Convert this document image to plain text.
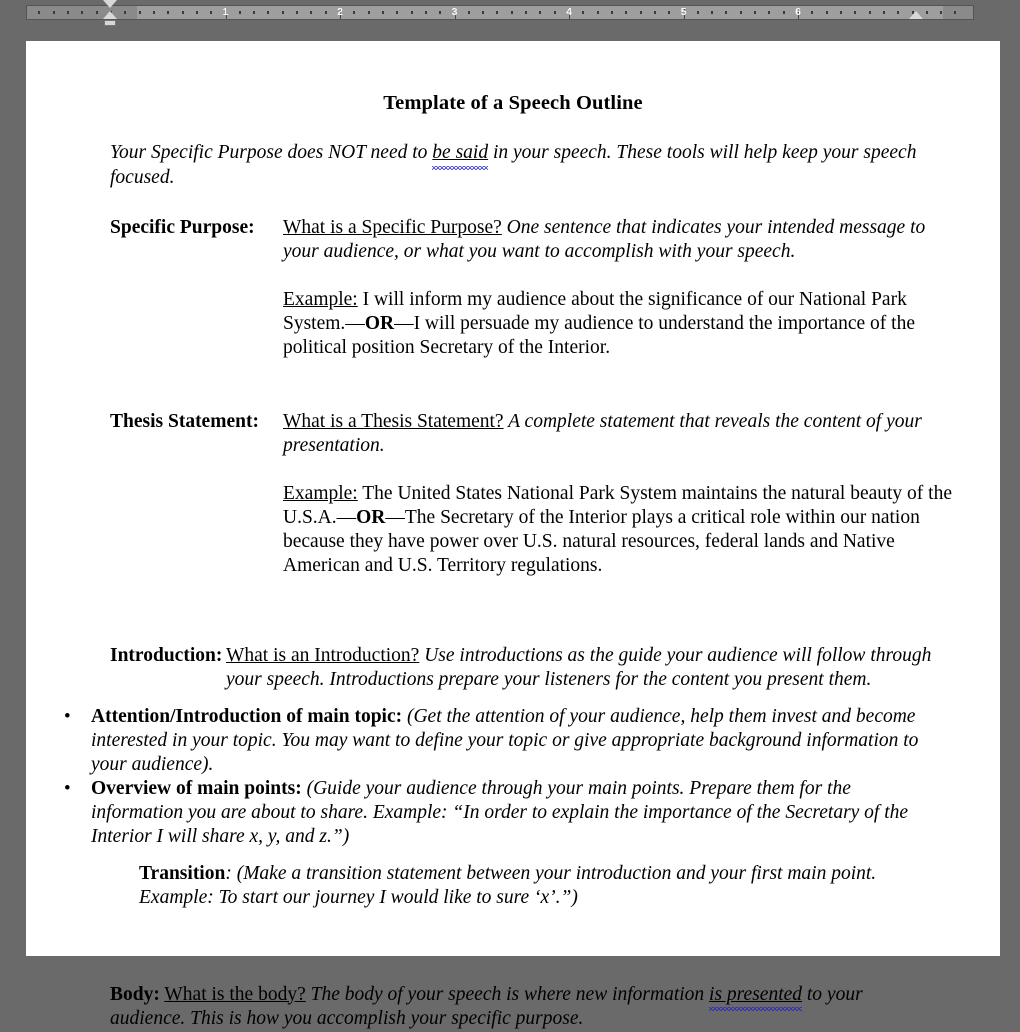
1	2	3	4	5	6
Template of a Speech Outline

Your Specific Purpose does NOT need to be said in your speech. These tools will help keep your speech focused.

Specific Purpose: What is a Specific Purpose? One sentence that indicates your intended message to your audience, or what you want to accomplish with your speech.

Example: I will inform my audience about the significance of our National Park System.—OR—I will persuade my audience to understand the importance of the political position Secretary of the Interior.

Thesis Statement: What is a Thesis Statement? A complete statement that reveals the content of your presentation.

Example: The United States National Park System maintains the natural beauty of the U.S.A.—OR—The Secretary of the Interior plays a critical role within our nation because they have power over U.S. natural resources, federal lands and Native American and U.S. Territory regulations.

Introduction: What is an Introduction? Use introductions as the guide your audience will follow through your speech. Introductions prepare your listeners for the content you present them.

• Attention/Introduction of main topic: (Get the attention of your audience, help them invest and become interested in your topic. You may want to define your topic or give appropriate background information to your audience).
• Overview of main points: (Guide your audience through your main points. Prepare them for the information you are about to share. Example: “In order to explain the importance of the Secretary of the Interior I will share x, y, and z.”)

Transition: (Make a transition statement between your introduction and your first main point. Example: To start our journey I would like to sure ‘x’.”)

Body: What is the body? The body of your speech is where new information is presented to your audience. This is how you accomplish your specific purpose.
